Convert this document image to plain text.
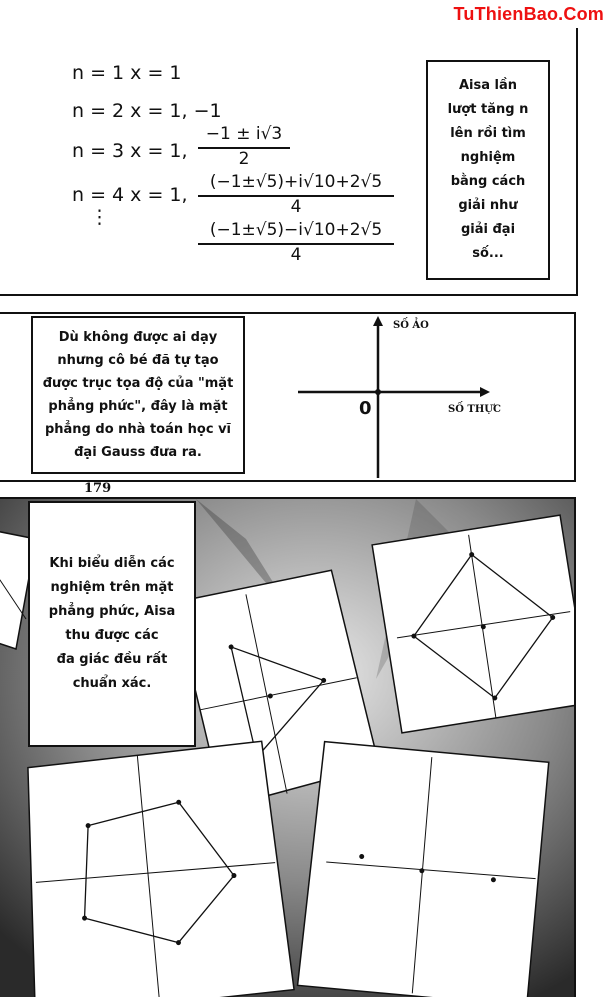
TuThienBao.Com
n = 1 x = 1
n = 2 x = 1, −1
n = 3 x = 1,
−1 ± i√3
2
n = 4 x = 1,
(−1±√5)+i√10+2√5
4
(−1±√5)−i√10+2√5
4
⋮
Aisa lần
lượt tăng n
lên rồi tìm
nghiệm
bằng cách
giải như
giải đại
số...
Dù không được ai dạy
nhưng cô bé đã tự tạo
được trục tọa độ của "mặt
phẳng phức", đây là mặt
phẳng do nhà toán học vĩ
đại Gauss đưa ra.
SỐ ẢO
SỐ THỰC
0
179
Khi biểu diễn các
nghiệm trên mặt
phẳng phức, Aisa
thu được các
đa giác đều rất
chuẩn xác.
